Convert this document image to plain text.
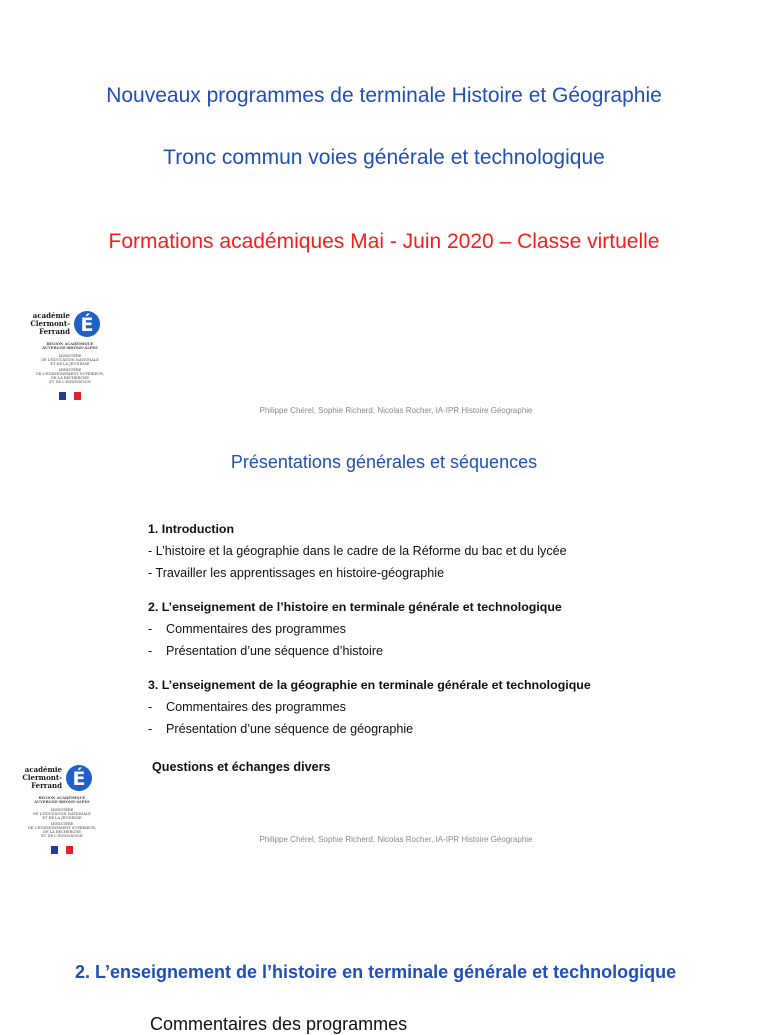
Nouveaux programmes de terminale Histoire et Géographie
Tronc commun voies générale et technologique
Formations académiques Mai - Juin 2020 – Classe virtuelle
académie
Clermont-Ferrand É
RÉGION ACADÉMIQUE
AUVERGNE-RHÔNE-ALPES
MINISTÈRE
DE L'ÉDUCATION NATIONALE
ET DE LA JEUNESSE
MINISTÈRE
DE L'ENSEIGNEMENT SUPÉRIEUR,
DE LA RECHERCHE
ET DE L'INNOVATION
Philippe Chérel, Sophie Richerd, Nicolas Rocher, IA-IPR Histoire Géographie
Présentations générales et séquences
1. Introduction
- L’histoire et la géographie dans le cadre de la Réforme du bac et du lycée
- Travailler les apprentissages en histoire-géographie
2. L’enseignement de l’histoire en terminale générale et technologique
- Commentaires des programmes
- Présentation d’une séquence d’histoire
3. L’enseignement de la géographie en terminale générale et technologique
- Commentaires des programmes
- Présentation d’une séquence de géographie
Questions et échanges divers
académie
Clermont-Ferrand É
RÉGION ACADÉMIQUE
AUVERGNE-RHÔNE-ALPES
MINISTÈRE
DE L'ÉDUCATION NATIONALE
ET DE LA JEUNESSE
MINISTÈRE
DE L'ENSEIGNEMENT SUPÉRIEUR,
DE LA RECHERCHE
ET DE L'INNOVATION	Philippe Chérel, Sophie Richerd, Nicolas Rocher, IA-IPR Histoire Géographie
2. L’enseignement de l’histoire en terminale générale et technologique
Commentaires des programmes
